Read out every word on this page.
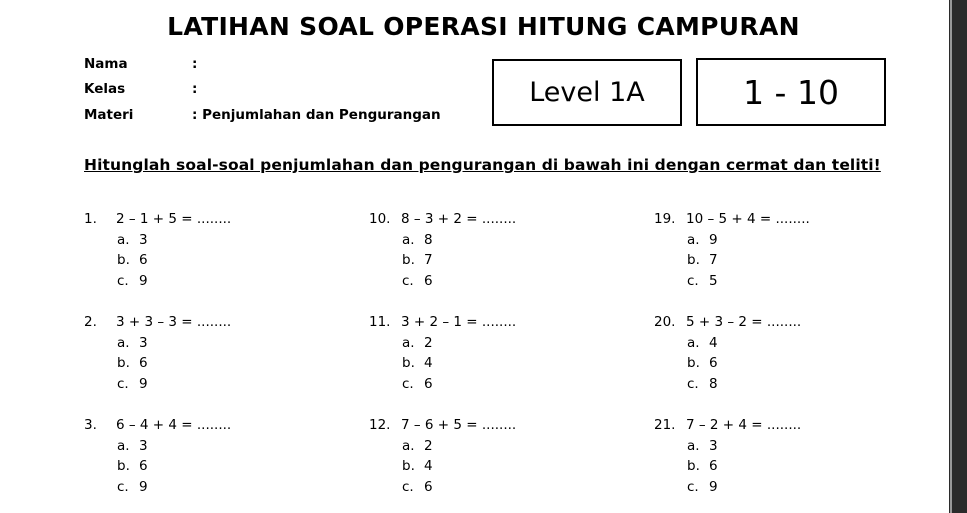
LATIHAN SOAL OPERASI HITUNG CAMPURAN
Nama	:
Kelas	:
Materi	: Penjumlahan dan Pengurangan
Level 1A	1 - 10
Hitunglah soal-soal penjumlahan dan pengurangan di bawah ini dengan cermat dan teliti!
1. 2 – 1 + 5 = ........
a. 3
b. 6
c. 9
2. 3 + 3 – 3 = ........
a. 3
b. 6
c. 9
3. 6 – 4 + 4 = ........
a. 3
b. 6
c. 9
10. 8 – 3 + 2 = ........
a. 8
b. 7
c. 6
11. 3 + 2 – 1 = ........
a. 2
b. 4
c. 6
12. 7 – 6 + 5 = ........
a. 2
b. 4
c. 6
19. 10 – 5 + 4 = ........
a. 9
b. 7
c. 5
20. 5 + 3 – 2 = ........
a. 4
b. 6
c. 8
21. 7 – 2 + 4 = ........
a. 3
b. 6
c. 9
